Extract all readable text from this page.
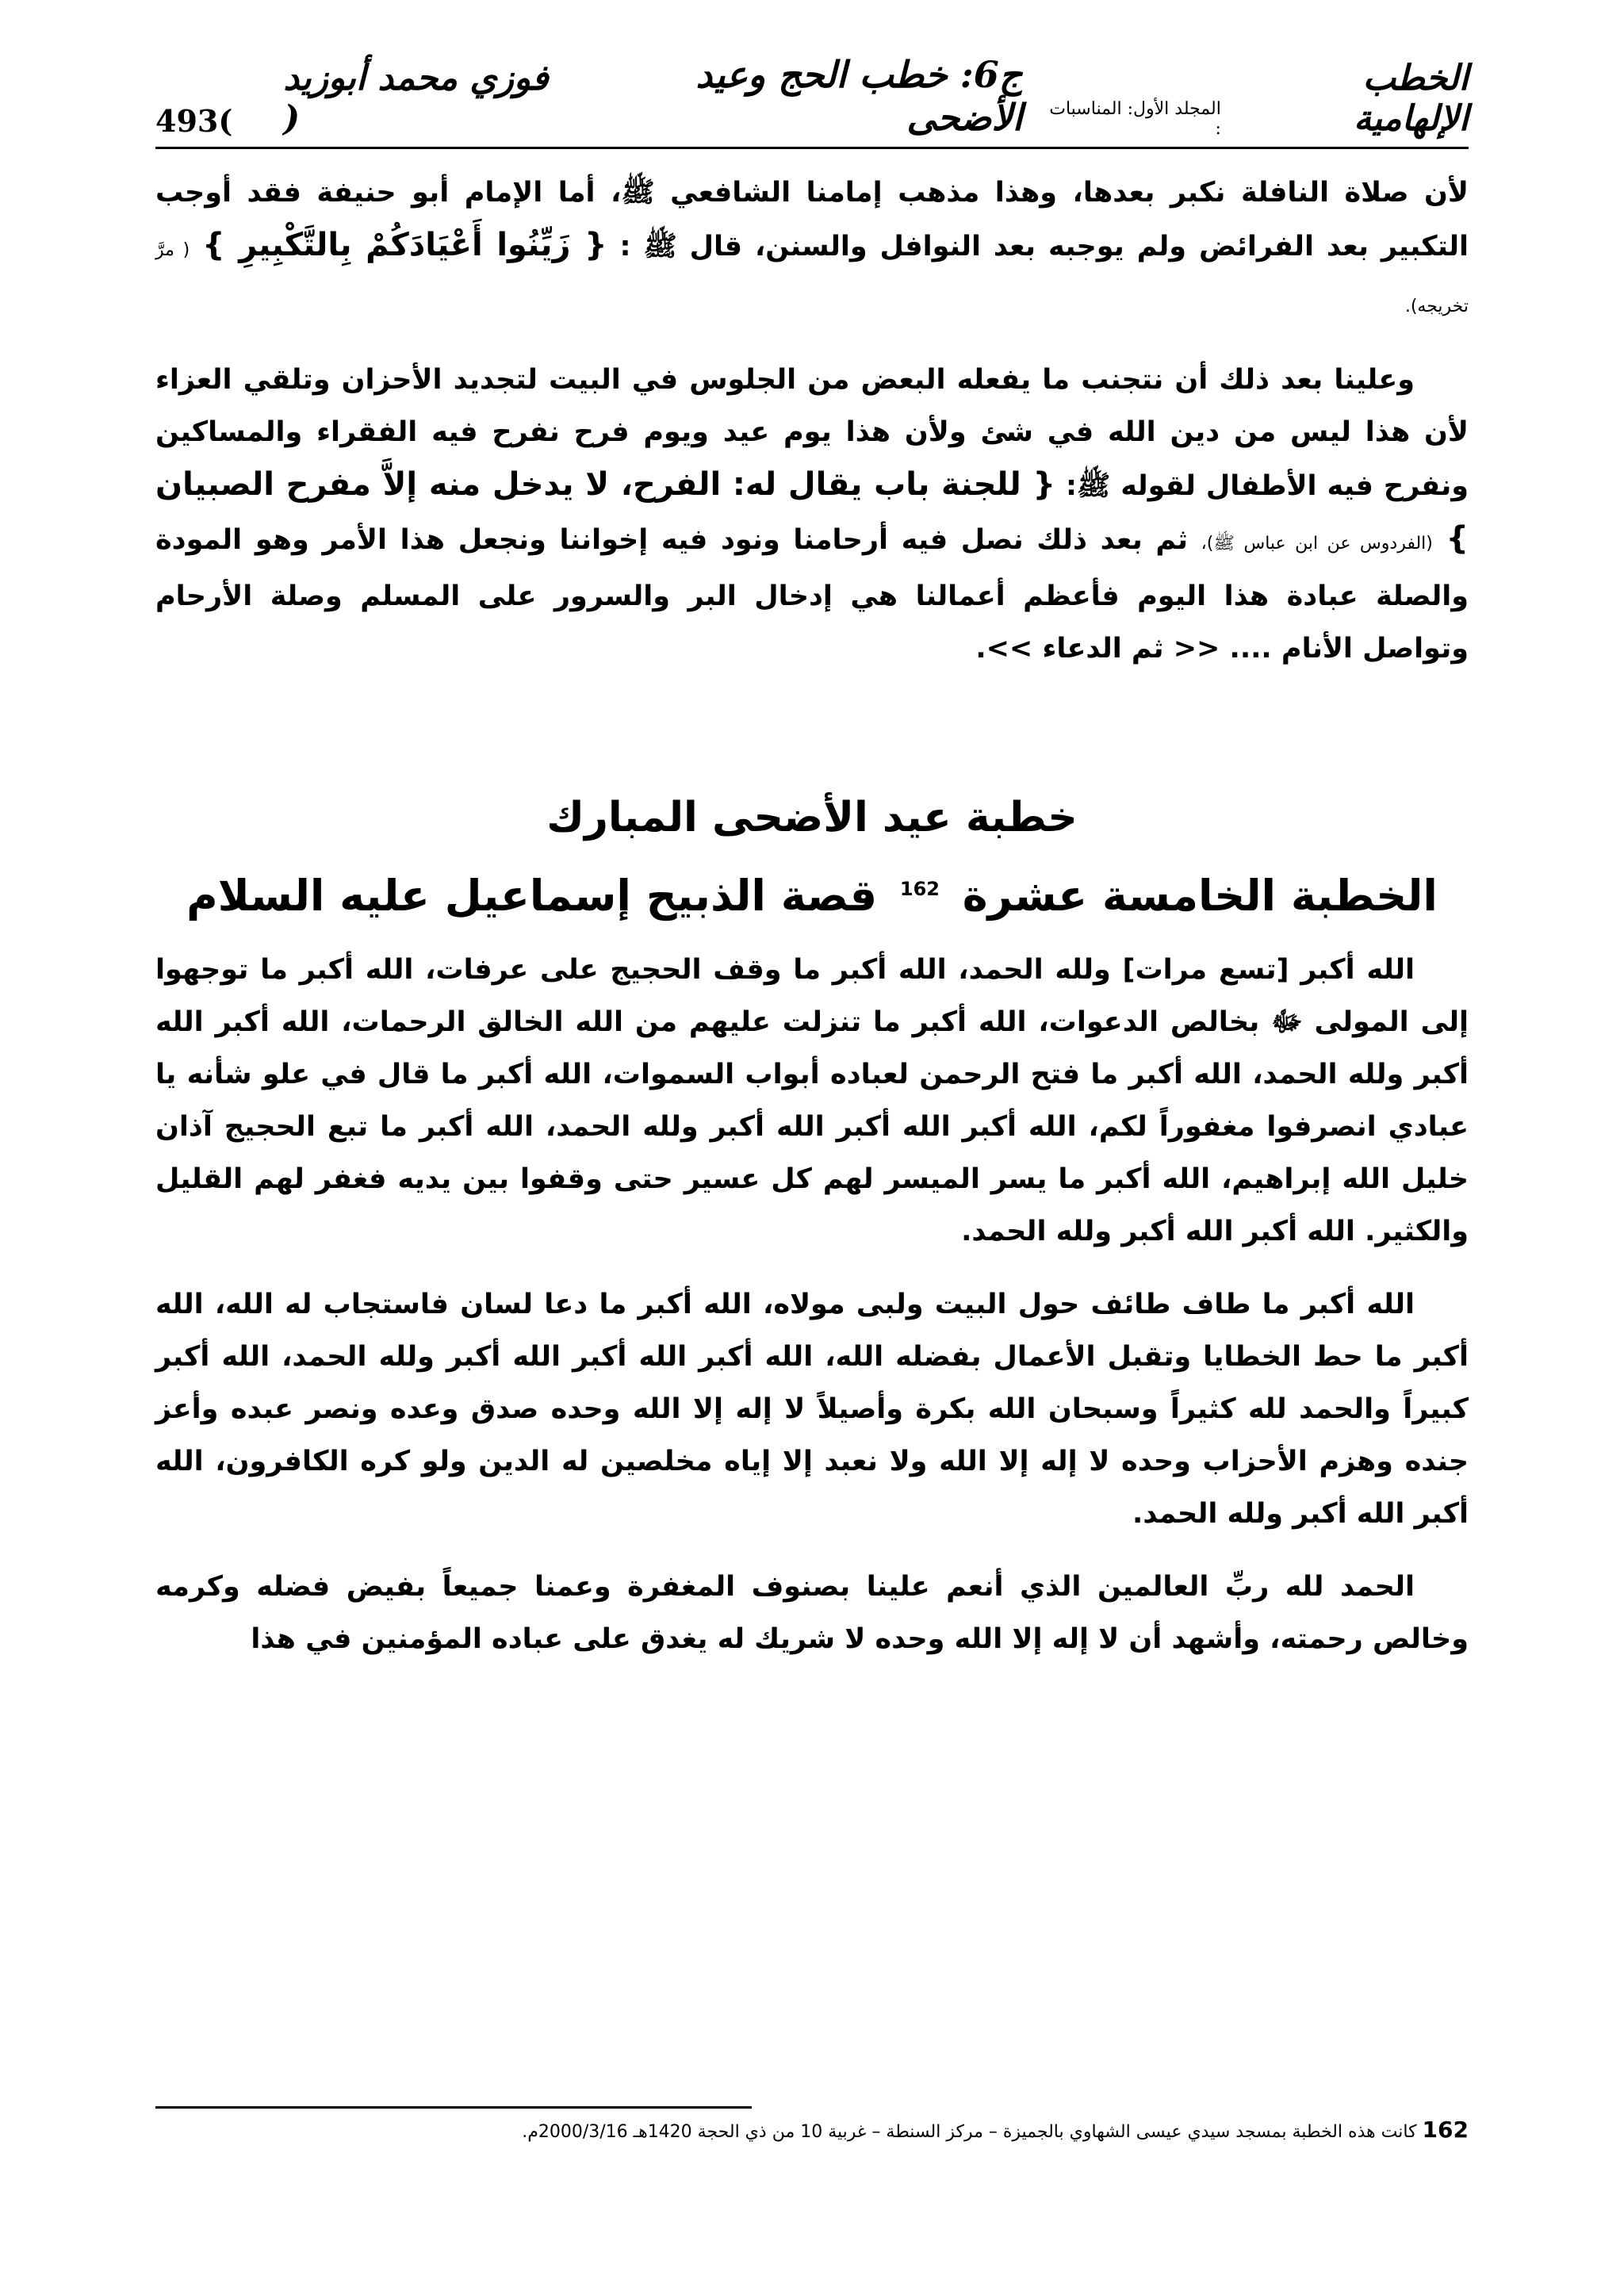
493(
فوزي محمد أبوزيد )
الخطب الإلهامية
المجلد الأول: المناسبات :
ج6: خطب الحج وعيد الأضحى

لأن صلاة النافلة نكبر بعدها، وهذا مذهب إمامنا الشافعي ﷺ، أما الإمام أبو حنيفة فقد أوجب التكبير بعد الفرائض ولم يوجبه بعد النوافل والسنن، قال ﷺ : { زَيِّنُوا أَعْيَادَكُمْ بِالتَّكْبِيرِ } ( مرَّ تخريجه).

وعلينا بعد ذلك أن نتجنب ما يفعله البعض من الجلوس في البيت لتجديد الأحزان وتلقي العزاء لأن هذا ليس من دين الله في شئ ولأن هذا يوم عيد ويوم فرح نفرح فيه الفقراء والمساكين ونفرح فيه الأطفال لقوله ﷺ: { للجنة باب يقال له: الفرح، لا يدخل منه إلاَّ مفرح الصبيان } (الفردوس عن ابن عباس ﷺ)، ثم بعد ذلك نصل فيه أرحامنا ونود فيه إخواننا ونجعل هذا الأمر وهو المودة والصلة عبادة هذا اليوم فأعظم أعمالنا هي إدخال البر والسرور على المسلم وصلة الأرحام وتواصل الأنام .... << ثم الدعاء >>.

خطبة عيد الأضحى المبارك
الخطبة الخامسة عشرة $^{162}$ قصة الذبيح إسماعيل عليه السلام

الله أكبر [تسع مرات] ولله الحمد، الله أكبر ما وقف الحجيج على عرفات، الله أكبر ما توجهوا إلى المولى ﷻ بخالص الدعوات، الله أكبر ما تنزلت عليهم من الله الخالق الرحمات، الله أكبر الله أكبر ولله الحمد، الله أكبر ما فتح الرحمن لعباده أبواب السموات، الله أكبر ما قال في علو شأنه يا عبادي انصرفوا مغفوراً لكم، الله أكبر الله أكبر الله أكبر ولله الحمد، الله أكبر ما تبع الحجيج آذان خليل الله إبراهيم، الله أكبر ما يسر الميسر لهم كل عسير حتى وقفوا بين يديه فغفر لهم القليل والكثير. الله أكبر الله أكبر ولله الحمد.

الله أكبر ما طاف طائف حول البيت ولبى مولاه، الله أكبر ما دعا لسان فاستجاب له الله، الله أكبر ما حط الخطايا وتقبل الأعمال بفضله الله، الله أكبر الله أكبر الله أكبر ولله الحمد، الله أكبر كبيراً والحمد لله كثيراً وسبحان الله بكرة وأصيلاً لا إله إلا الله وحده صدق وعده ونصر عبده وأعز جنده وهزم الأحزاب وحده لا إله إلا الله ولا نعبد إلا إياه مخلصين له الدين ولو كره الكافرون، الله أكبر الله أكبر ولله الحمد.

الحمد لله ربِّ العالمين الذي أنعم علينا بصنوف المغفرة وعمنا جميعاً بفيض فضله وكرمه وخالص رحمته، وأشهد أن لا إله إلا الله وحده لا شريك له يغدق على عباده المؤمنين في هذا

162 كانت هذه الخطبة بمسجد سيدي عيسى الشهاوي بالجميزة – مركز السنطة – غربية 10 من ذي الحجة 1420هـ 2000/3/16م.
